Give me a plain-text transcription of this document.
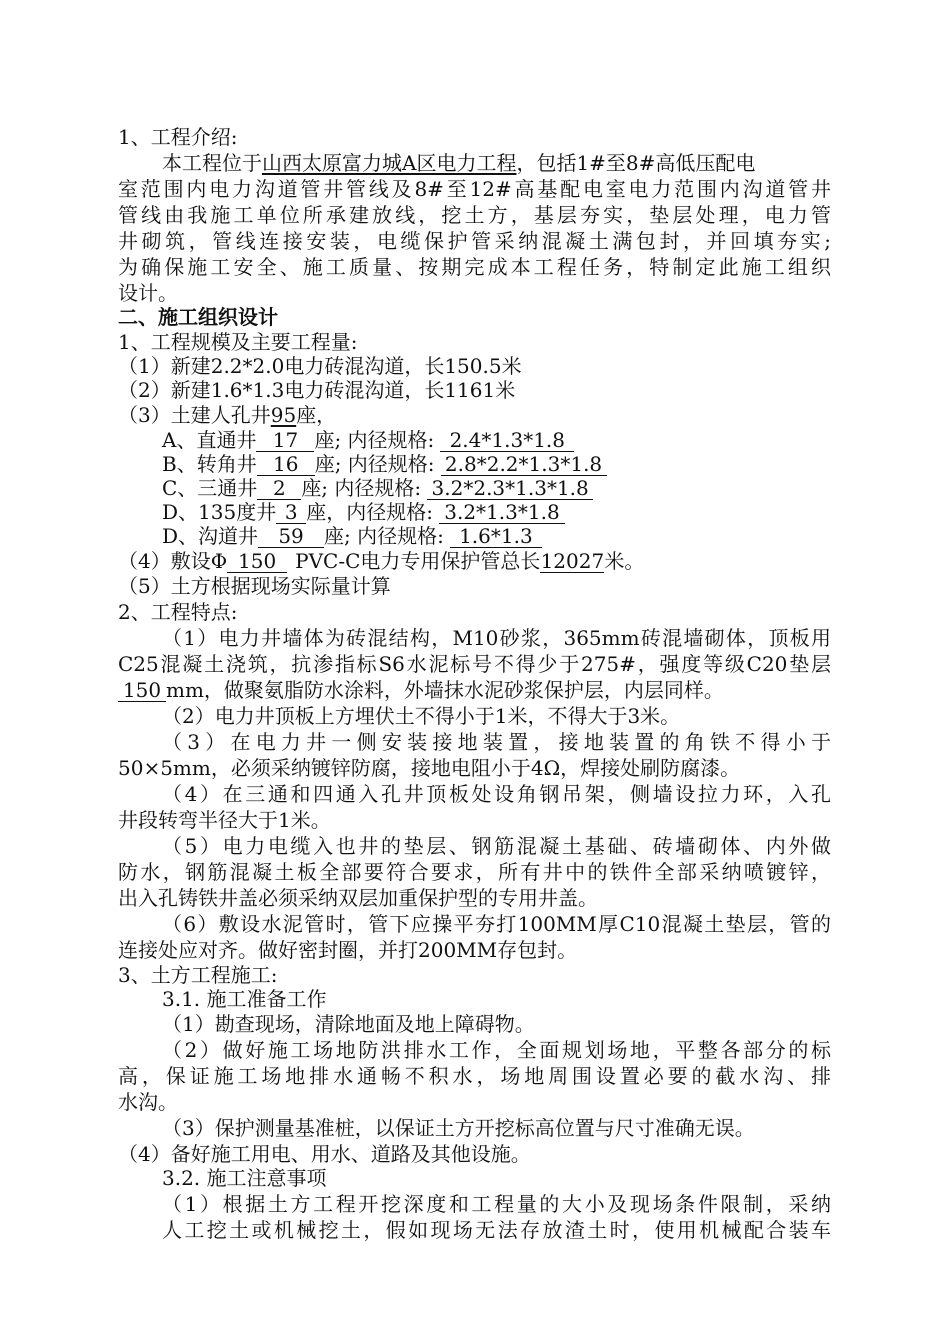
1、工程介绍:
本工程位于山西太原富力城A区电力工程，包括1#至8#高低压配电
室范围内电力沟道管井管线及8#至12#高基配电室电力范围内沟道管井
管线由我施工单位所承建放线，挖土方，基层夯实，垫层处理，电力管
井砌筑，管线连接安装，电缆保护管采纳混凝土满包封，并回填夯实;
为确保施工安全、施工质量、按期完成本工程任务，特制定此施工组织
设计。
二、施工组织设计
1、工程规模及主要工程量:
（1）新建2.2*2.0电力砖混沟道，长150.5米
（2）新建1.6*1.3电力砖混沟道，长1161米
（3）土建人孔井95座，
A、直通井 17 座; 内径规格: 2.4*1.3*1.8
B、转角井 16 座; 内径规格: 2.8*2.2*1.3*1.8
C、三通井 2 座; 内径规格: 3.2*2.3*1.3*1.8
D、135度井 3 座，内径规格: 3.2*1.3*1.8
D、沟道井 59 座; 内径规格: 1.6*1.3
（4）敷设Φ 150 PVC-C电力专用保护管总长12027米。
（5）土方根据现场实际量计算
2、工程特点:
（1）电力井墙体为砖混结构，M10砂浆，365mm砖混墙砌体，顶板用
C25混凝土浇筑，抗渗指标S6水泥标号不得少于275#，强度等级C20垫层
150 mm，做聚氨脂防水涂料，外墙抹水泥砂浆保护层，内层同样。
（2）电力井顶板上方埋伏土不得小于1米，不得大于3米。
（3）在电力井一侧安装接地装置，接地装置的角铁不得小于
50×5mm，必须采纳镀锌防腐，接地电阻小于4Ω，焊接处刷防腐漆。
（4）在三通和四通入孔井顶板处设角钢吊架，侧墙设拉力环，入孔
井段转弯半径大于1米。
（5）电力电缆入也井的垫层、钢筋混凝土基础、砖墙砌体、内外做
防水，钢筋混凝土板全部要符合要求，所有井中的铁件全部采纳喷镀锌，
出入孔铸铁井盖必须采纳双层加重保护型的专用井盖。
（6）敷设水泥管时，管下应操平夯打100MM厚C10混凝土垫层，管的
连接处应对齐。做好密封圈，并打200MM存包封。
3、土方工程施工:
3.1. 施工准备工作
（1）勘查现场，清除地面及地上障碍物。
（2）做好施工场地防洪排水工作，全面规划场地，平整各部分的标
高，保证施工场地排水通畅不积水，场地周围设置必要的截水沟、排
水沟。
（3）保护测量基准桩，以保证土方开挖标高位置与尺寸准确无误。
（4）备好施工用电、用水、道路及其他设施。
3.2. 施工注意事项
（1）根据土方工程开挖深度和工程量的大小及现场条件限制，采纳
人工挖土或机械挖土，假如现场无法存放渣土时，使用机械配合装车
